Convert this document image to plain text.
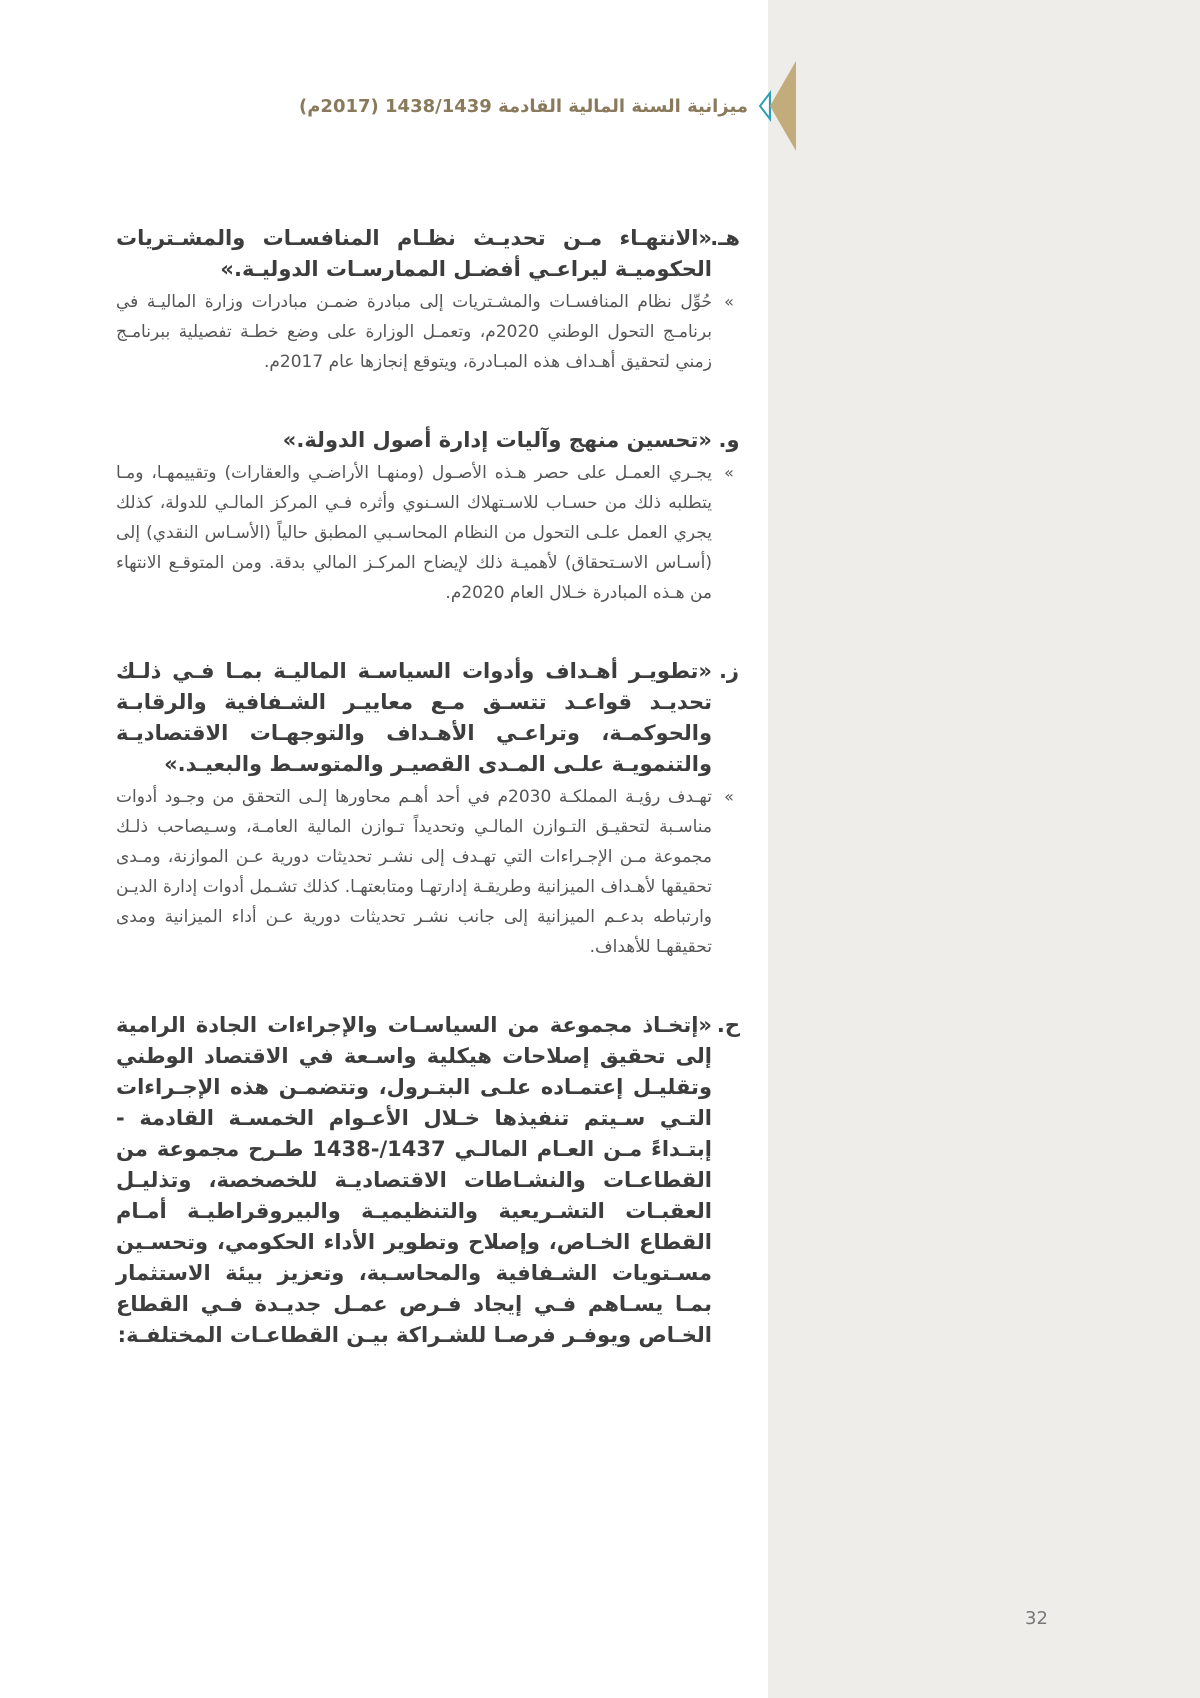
ميزانية السنة المالية القادمة 1438/1439 (2017م)
هـ.
«الانتهـاء مـن تحديـث نظـام المنافسـات والمشـتريات الحكوميـة ليراعـي أفضـل الممارسـات الدوليـة.»
»
حُوِّل نظام المنافسـات والمشـتريات إلى مبادرة ضمـن مبادرات وزارة الماليـة في برنامـج التحول الوطني 2020م، وتعمـل الوزارة على وضع خطـة تفصيلية ببرنامـج زمني لتحقيق أهـداف هذه المبـادرة، ويتوقع إنجازها عام 2017م.
و.
«تحسين منهج وآليات إدارة أصول الدولة.»
»
يجـري العمـل على حصر هـذه الأصـول (ومنهـا الأراضـي والعقارات) وتقييمهـا، ومـا يتطلبه ذلك من حسـاب للاسـتهلاك السـنوي وأثره فـي المركز المالـي للدولة، كذلك يجري العمل علـى التحول من النظام المحاسـبي المطبق حالياً (الأسـاس النقدي) إلى (أسـاس الاسـتحقاق) لأهميـة ذلك لإيضاح المركـز المالي بدقة. ومن المتوقـع الانتهاء من هـذه المبادرة خـلال العام 2020م.
ز.
«تطويـر أهـداف وأدوات السياسـة الماليـة بمـا فـي ذلـك تحديـد قواعـد تتسـق مـع معاييـر الشـفافية والرقابـة والحوكمـة، وتراعـي الأهـداف والتوجهـات الاقتصاديـة والتنمويـة علـى المـدى القصيـر والمتوسـط والبعيـد.»
»
تهـدف رؤيـة المملكـة 2030م في أحد أهـم محاورها إلـى التحقق من وجـود أدوات مناسـبة لتحقيـق التـوازن المالـي وتحديداً تـوازن المالية العامـة، وسـيصاحب ذلـك مجموعة مـن الإجـراءات التي تهـدف إلى نشـر تحديثات دورية عـن الموازنة، ومـدى تحقيقها لأهـداف الميزانية وطريقـة إدارتهـا ومتابعتهـا. كذلك تشـمل أدوات إدارة الديـن وارتباطه بدعـم الميزانية إلى جانب نشـر تحديثات دورية عـن أداء الميزانية ومدى تحقيقهـا للأهداف.
ح.
«إتخـاذ مجموعة من السياسـات والإجراءات الجادة الرامية إلى تحقيق إصلاحات هيكلية واسـعة في الاقتصاد الوطني وتقليـل إعتمـاده علـى البتـرول، وتتضمـن هذه الإجـراءات التـي سـيتم تنفيذها خـلال الأعـوام الخمسـة القادمة - إبتـداءً مـن العـام المالـي 1437/-1438 طـرح مجموعة من القطاعـات والنشـاطات الاقتصاديـة للخصخصة، وتذليـل العقبـات التشـريعية والتنظيميـة والبيروقراطيـة أمـام القطاع الخـاص، وإصلاح وتطوير الأداء الحكومي، وتحسـين مسـتويات الشـفافية والمحاسـبة، وتعزيز بيئة الاستثمار بمـا يسـاهم فـي إيجاد فـرص عمـل جديـدة فـي القطاع الخـاص ويوفـر فرصـا للشـراكة بيـن القطاعـات المختلفـة:
32
